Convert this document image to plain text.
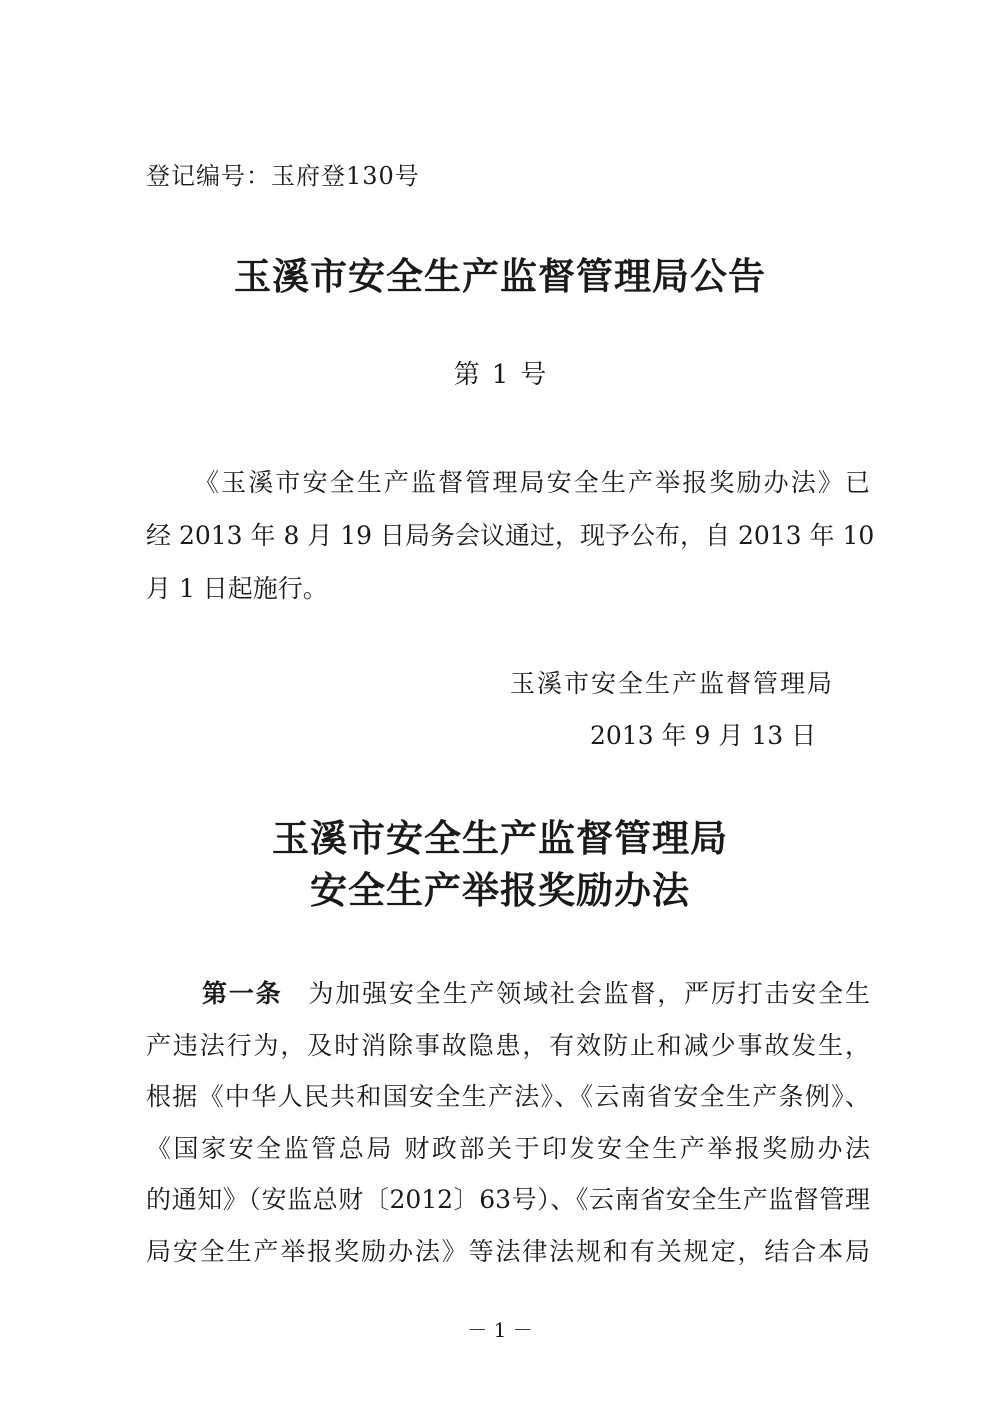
登记编号：玉府登130号
玉溪市安全生产监督管理局公告
第 1 号
《玉溪市安全生产监督管理局安全生产举报奖励办法》已
经 2013 年 8 月 19 日局务会议通过，现予公布，自 2013 年 10
月 1 日起施行。
玉溪市安全生产监督管理局
2013 年 9 月 13 日
玉溪市安全生产监督管理局
安全生产举报奖励办法
第一条 为加强安全生产领域社会监督，严厉打击安全生
产违法行为，及时消除事故隐患，有效防止和减少事故发生，
根据《中华人民共和国安全生产法》、《云南省安全生产条例》、
《国家安全监管总局 财政部关于印发安全生产举报奖励办法
的通知》（安监总财〔2012〕63号）、《云南省安全生产监督管理
局安全生产举报奖励办法》等法律法规和有关规定，结合本局
－ 1 －
